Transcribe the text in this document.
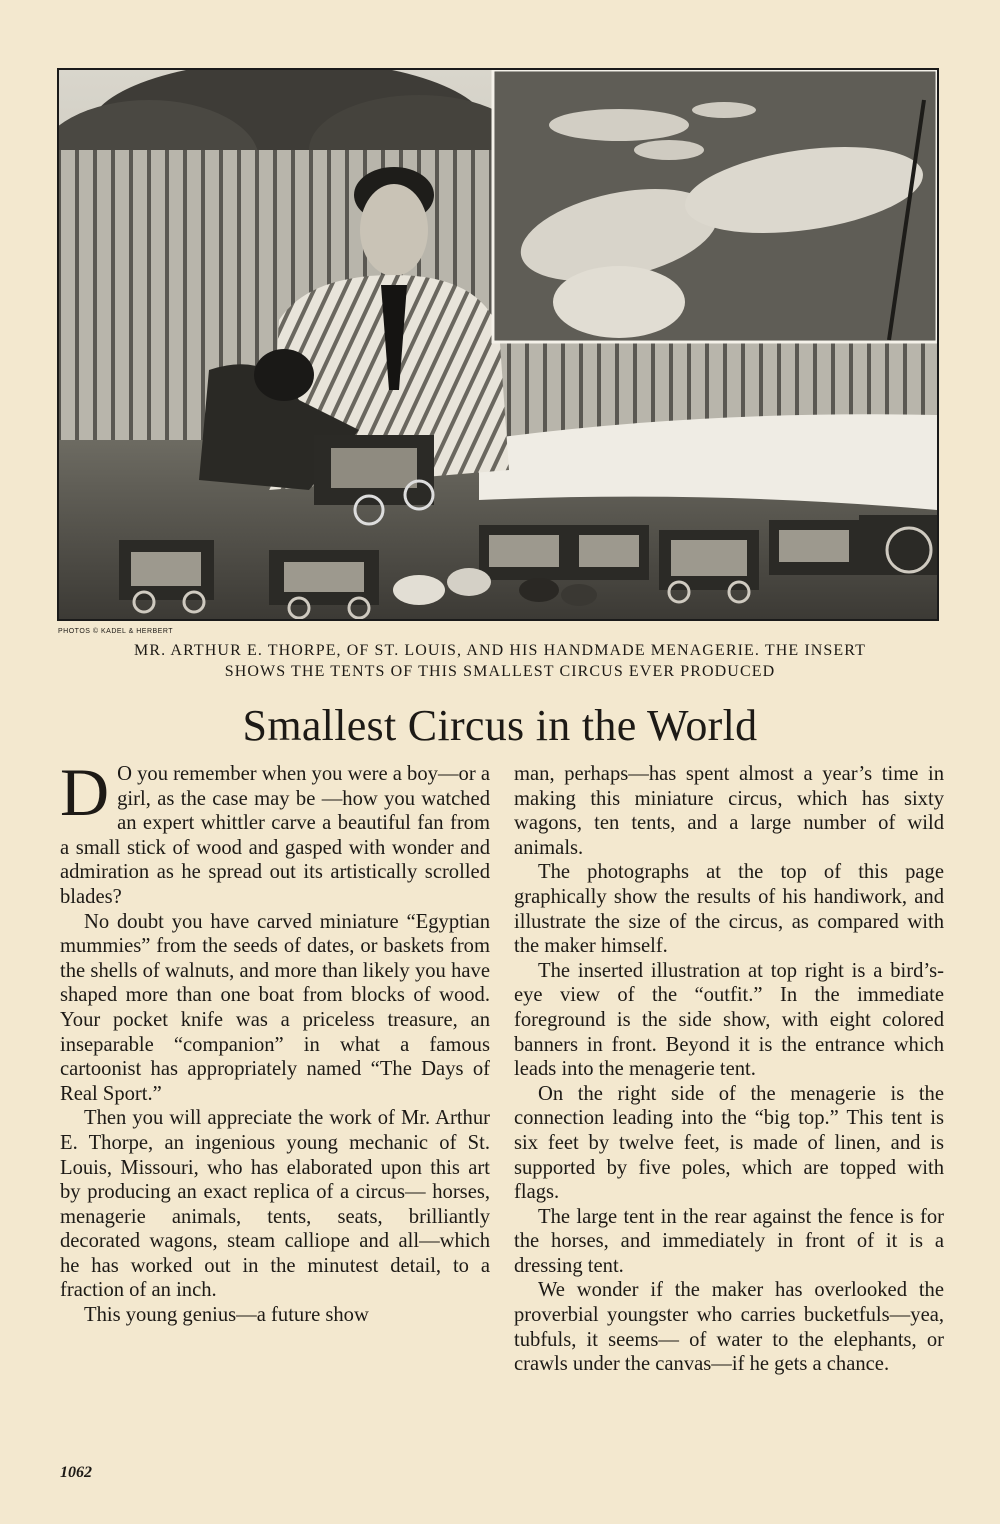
PHOTOS © KADEL & HERBERT
MR. ARTHUR E. THORPE, OF ST. LOUIS, AND HIS HANDMADE MENAGERIE. THE INSERT
SHOWS THE TENTS OF THIS SMALLEST CIRCUS EVER PRODUCED
Smallest Circus in the World

D O you remember when you were a boy—or a girl, as the case may be —how you watched an expert whittler carve a beautiful fan from a small stick of wood and gasped with wonder and admiration as he spread out its artistically scrolled blades?

No doubt you have carved miniature “Egyptian mummies” from the seeds of dates, or baskets from the shells of walnuts, and more than likely you have shaped more than one boat from blocks of wood. Your pocket knife was a priceless treasure, an inseparable “companion” in what a famous cartoonist has appropriately named “The Days of Real Sport.”

Then you will appreciate the work of Mr. Arthur E. Thorpe, an ingenious young mechanic of St. Louis, Missouri, who has elaborated upon this art by producing an exact replica of a circus— horses, menagerie animals, tents, seats, brilliantly decorated wagons, steam calliope and all—which he has worked out in the minutest detail, to a fraction of an inch.

This young genius—a future show

man, perhaps—has spent almost a year’s time in making this miniature circus, which has sixty wagons, ten tents, and a large number of wild animals.

The photographs at the top of this page graphically show the results of his handiwork, and illustrate the size of the circus, as compared with the maker himself.

The inserted illustration at top right is a bird’s-eye view of the “outfit.” In the immediate foreground is the side show, with eight colored banners in front. Beyond it is the entrance which leads into the menagerie tent.

On the right side of the menagerie is the connection leading into the “big top.” This tent is six feet by twelve feet, is made of linen, and is supported by five poles, which are topped with flags.

The large tent in the rear against the fence is for the horses, and immediately in front of it is a dressing tent.

We wonder if the maker has overlooked the proverbial youngster who carries bucketfuls—yea, tubfuls, it seems— of water to the elephants, or crawls under the canvas—if he gets a chance.

1062
